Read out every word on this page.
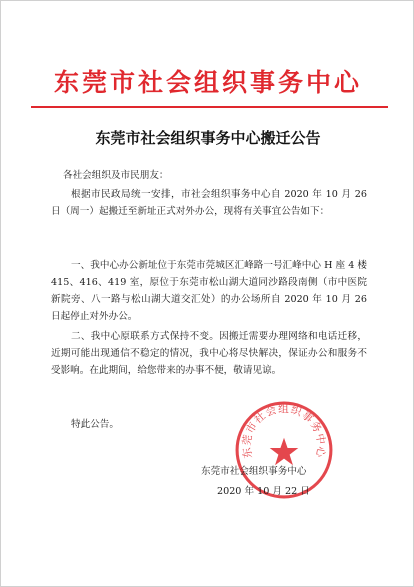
东莞市社会组织事务中心
东莞市社会组织事务中心搬迁公告
各社会组织及市民朋友：

根据市民政局统一安排，市社会组织事务中心自 2020 年 10 月 26 日（周一）起搬迁至新址正式对外办公，现将有关事宜公告如下：

一、我中心办公新址位于东莞市莞城区汇峰路一号汇峰中心 H 座 4 楼 415、416、419 室，原位于东莞市松山湖大道同沙路段南侧（市中医院新院旁、八一路与松山湖大道交汇处）的办公场所自 2020 年 10 月 26 日起停止对外办公。

二、我中心原联系方式保持不变。因搬迁需要办理网络和电话迁移，近期可能出现通信不稳定的情况，我中心将尽快解决，保证办公和服务不受影响。在此期间，给您带来的办事不便，敬请见谅。

特此公告。

东莞市社会组织事务中心
东莞市社会组织事务中心
2020 年 10 月 22 日
